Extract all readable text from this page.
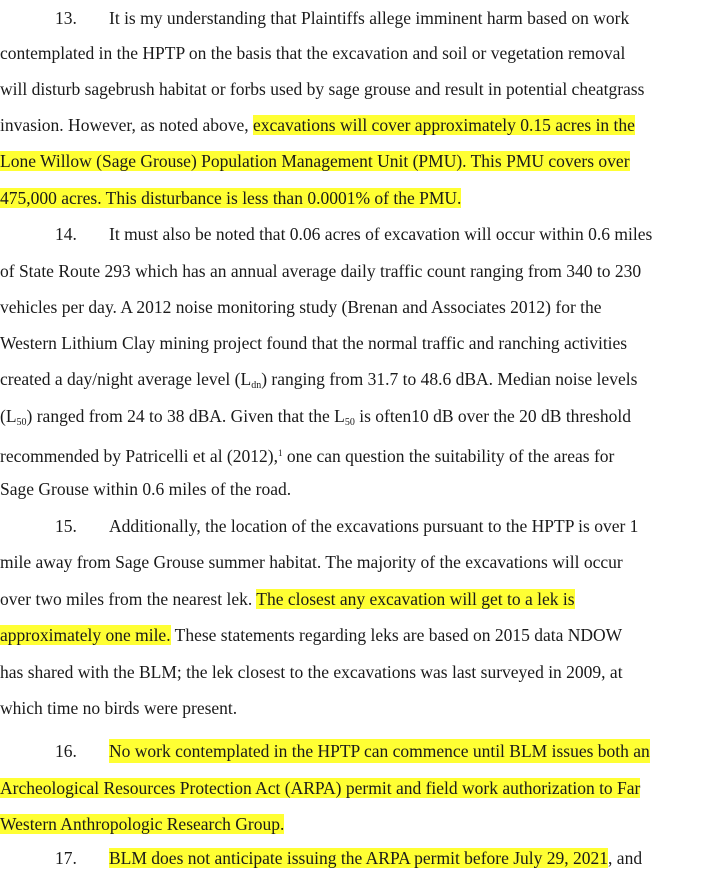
13. It is my understanding that Plaintiffs allege imminent harm based on work
contemplated in the HPTP on the basis that the excavation and soil or vegetation removal
will disturb sagebrush habitat or forbs used by sage grouse and result in potential cheatgrass
invasion. However, as noted above, excavations will cover approximately 0.15 acres in the
Lone Willow (Sage Grouse) Population Management Unit (PMU). This PMU covers over
475,000 acres. This disturbance is less than 0.0001% of the PMU.
14. It must also be noted that 0.06 acres of excavation will occur within 0.6 miles
of State Route 293 which has an annual average daily traffic count ranging from 340 to 230
vehicles per day. A 2012 noise monitoring study (Brenan and Associates 2012) for the
Western Lithium Clay mining project found that the normal traffic and ranching activities
created a day/night average level $(L_{dn})$ ranging from 31.7 to 48.6 dBA. Median noise levels
$(L_{50})$ ranged from 24 to 38 dBA. Given that the $L_{50}$ is often10 dB over the 20 dB threshold
recommended by Patricelli et al (2012),$^1$ one can question the suitability of the areas for
Sage Grouse within 0.6 miles of the road.
15. Additionally, the location of the excavations pursuant to the HPTP is over 1
mile away from Sage Grouse summer habitat. The majority of the excavations will occur
over two miles from the nearest lek. The closest any excavation will get to a lek is
approximately one mile. These statements regarding leks are based on 2015 data NDOW
has shared with the BLM; the lek closest to the excavations was last surveyed in 2009, at
which time no birds were present.
16. No work contemplated in the HPTP can commence until BLM issues both an
Archeological Resources Protection Act (ARPA) permit and field work authorization to Far
Western Anthropologic Research Group.
17. BLM does not anticipate issuing the ARPA permit before July 29, 2021, and
